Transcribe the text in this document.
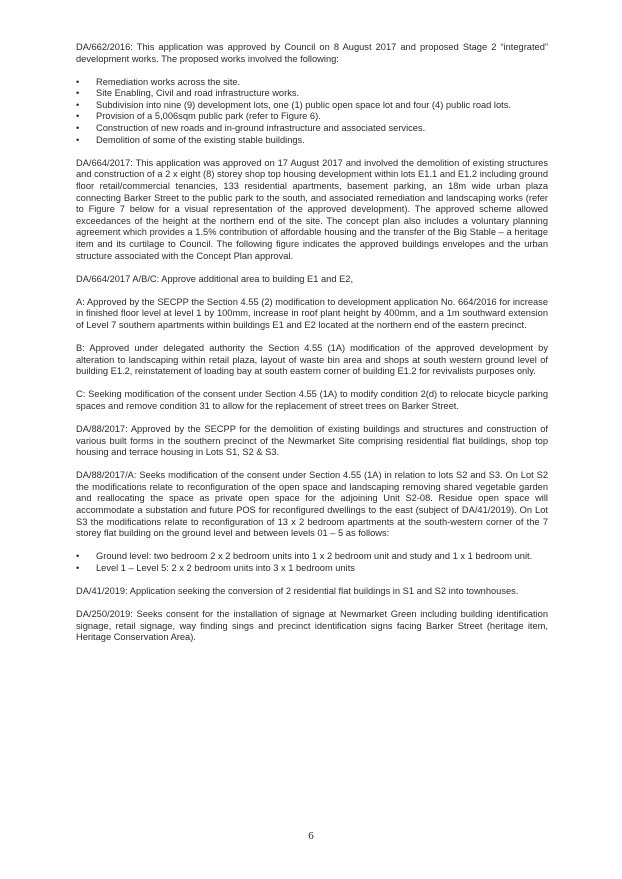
DA/662/2016: This application was approved by Council on 8 August 2017 and proposed Stage 2 “integrated” development works. The proposed works involved the following:

• Remediation works across the site.
• Site Enabling, Civil and road infrastructure works.
• Subdivision into nine (9) development lots, one (1) public open space lot and four (4) public road lots.
• Provision of a 5,006sqm public park (refer to Figure 6).
• Construction of new roads and in-ground infrastructure and associated services.
• Demolition of some of the existing stable buildings.

DA/664/2017: This application was approved on 17 August 2017 and involved the demolition of existing structures and construction of a 2 x eight (8) storey shop top housing development within lots E1.1 and E1.2 including ground floor retail/commercial tenancies, 133 residential apartments, basement parking, an 18m wide urban plaza connecting Barker Street to the public park to the south, and associated remediation and landscaping works (refer to Figure 7 below for a visual representation of the approved development). The approved scheme allowed exceedances of the height at the northern end of the site. The concept plan also includes a voluntary planning agreement which provides a 1.5% contribution of affordable housing and the transfer of the Big Stable – a heritage item and its curtilage to Council. The following figure indicates the approved buildings envelopes and the urban structure associated with the Concept Plan approval.

DA/664/2017 A/B/C: Approve additional area to building E1 and E2,

A: Approved by the SECPP the Section 4.55 (2) modification to development application No. 664/2016 for increase in finished floor level at level 1 by 100mm, increase in roof plant height by 400mm, and a 1m southward extension of Level 7 southern apartments within buildings E1 and E2 located at the northern end of the eastern precinct.

B: Approved under delegated authority the Section 4.55 (1A) modification of the approved development by alteration to landscaping within retail plaza, layout of waste bin area and shops at south western ground level of building E1.2, reinstatement of loading bay at south eastern corner of building E1.2 for revivalists purposes only.

C: Seeking modification of the consent under Section 4.55 (1A) to modify condition 2(d) to relocate bicycle parking spaces and remove condition 31 to allow for the replacement of street trees on Barker Street.

DA/88/2017: Approved by the SECPP for the demolition of existing buildings and structures and construction of various built forms in the southern precinct of the Newmarket Site comprising residential flat buildings, shop top housing and terrace housing in Lots S1, S2 & S3.

DA/88/2017/A: Seeks modification of the consent under Section 4.55 (1A) in relation to lots S2 and S3. On Lot S2 the modifications relate to reconfiguration of the open space and landscaping removing shared vegetable garden and reallocating the space as private open space for the adjoining Unit S2-08. Residue open space will accommodate a substation and future POS for reconfigured dwellings to the east (subject of DA/41/2019). On Lot S3 the modifications relate to reconfiguration of 13 x 2 bedroom apartments at the south-western corner of the 7 storey flat building on the ground level and between levels 01 – 5 as follows:

• Ground level: two bedroom 2 x 2 bedroom units into 1 x 2 bedroom unit and study and 1 x 1 bedroom unit.
• Level 1 – Level 5: 2 x 2 bedroom units into 3 x 1 bedroom units

DA/41/2019: Application seeking the conversion of 2 residential flat buildings in S1 and S2 into townhouses.

DA/250/2019: Seeks consent for the installation of signage at Newmarket Green including building identification signage, retail signage, way finding sings and precinct identification signs facing Barker Street (heritage item, Heritage Conservation Area).

6
